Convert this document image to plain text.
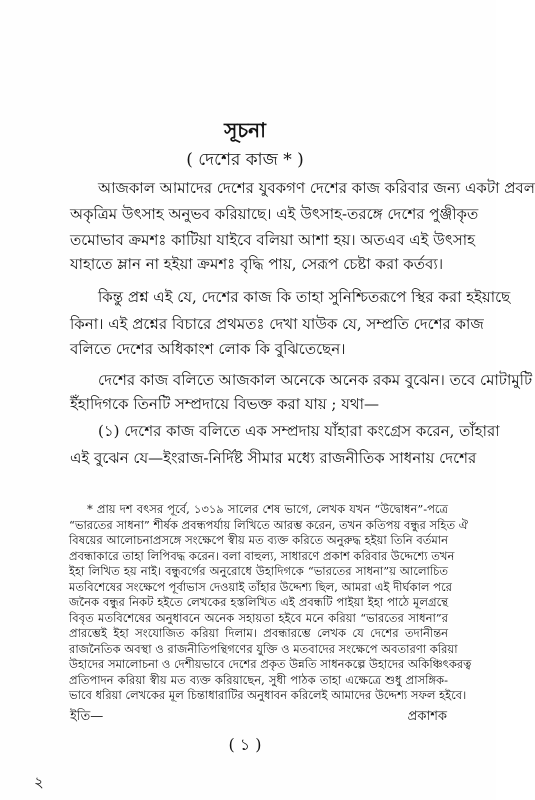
সূচনা
( দেশের কাজ * )
আজকাল আমাদের দেশের যুবকগণ দেশের কাজ করিবার জন্য একটা প্রবল
অকৃত্রিম উৎসাহ অনুভব করিয়াছে। এই উৎসাহ-তরঙ্গে দেশের পুঞ্জীকৃত
তমোভাব ক্রমশঃ কাটিয়া যাইবে বলিয়া আশা হয়। অতএব এই উৎসাহ
যাহাতে ম্লান না হইয়া ক্রমশঃ বৃদ্ধি পায়, সেরূপ চেষ্টা করা কর্তব্য।
কিন্তু প্রশ্ন এই যে, দেশের কাজ কি তাহা সুনিশ্চিতরূপে স্থির করা হইয়াছে
কিনা। এই প্রশ্নের বিচারে প্রথমতঃ দেখা যাউক যে, সম্প্রতি দেশের কাজ
বলিতে দেশের অধিকাংশ লোক কি বুঝিতেছেন।
দেশের কাজ বলিতে আজকাল অনেকে অনেক রকম বুঝেন। তবে মোটামুটি
ইঁহাদিগকে তিনটি সম্প্রদায়ে বিভক্ত করা যায় ; যথা—
(১) দেশের কাজ বলিতে এক সম্প্রদায় যাঁহারা কংগ্রেস করেন, তাঁহারা
এই বুঝেন যে—ইংরাজ-নির্দিষ্ট সীমার মধ্যে রাজনীতিক সাধনায় দেশের
* প্রায় দশ বৎসর পূর্বে, ১৩১৯ সালের শেষ ভাগে, লেখক যখন “উদ্বোধন”-পত্রে
“ভারতের সাধনা” শীর্ষক প্রবন্ধপর্যায় লিখিতে আরম্ভ করেন, তখন কতিপয় বন্ধুর সহিত ঐ
বিষয়ের আলোচনাপ্রসঙ্গে সংক্ষেপে স্বীয় মত ব্যক্ত করিতে অনুরুদ্ধ হইয়া তিনি বর্তমান
প্রবন্ধাকারে তাহা লিপিবদ্ধ করেন। বলা বাহুল্য, সাধারণে প্রকাশ করিবার উদ্দেশ্যে তখন
ইহা লিখিত হয় নাই। বন্ধুবর্গের অনুরোধে উহাদিগকে “ভারতের সাধনা”য় আলোচিত
মতবিশেষের সংক্ষেপে পূর্বাভাস দেওয়াই তাঁহার উদ্দেশ্য ছিল, আমরা এই দীর্ঘকাল পরে
জনৈক বন্ধুর নিকট হইতে লেখকের হস্তলিখিত এই প্রবন্ধটি পাইয়া ইহা পাঠে মূলগ্রন্থে
বিবৃত মতবিশেষের অনুধাবনে অনেক সহায়তা হইবে মনে করিয়া “ভারতের সাধনা”র
প্রারম্ভেই ইহা সংযোজিত করিয়া দিলাম। প্রবন্ধারম্ভে লেখক যে দেশের তদানীন্তন
রাজনৈতিক অবস্থা ও রাজনীতিপন্থিগণের যুক্তি ও মতবাদের সংক্ষেপে অবতারণা করিয়া
উহাদের সমালোচনা ও দেশীয়ভাবে দেশের প্রকৃত উন্নতি সাধনকল্পে উহাদের অকিঞ্চিৎকরত্ব
প্রতিপাদন করিয়া স্বীয় মত ব্যক্ত করিয়াছেন, সুধী পাঠক তাহা এক্ষেত্রে শুধু প্রাসঙ্গিক-
ভাবে ধরিয়া লেখকের মূল চিন্তাধারাটির অনুধাবন করিলেই আমাদের উদ্দেশ্য সফল হইবে।
ইতি—	প্রকাশক
( ১ )
২
